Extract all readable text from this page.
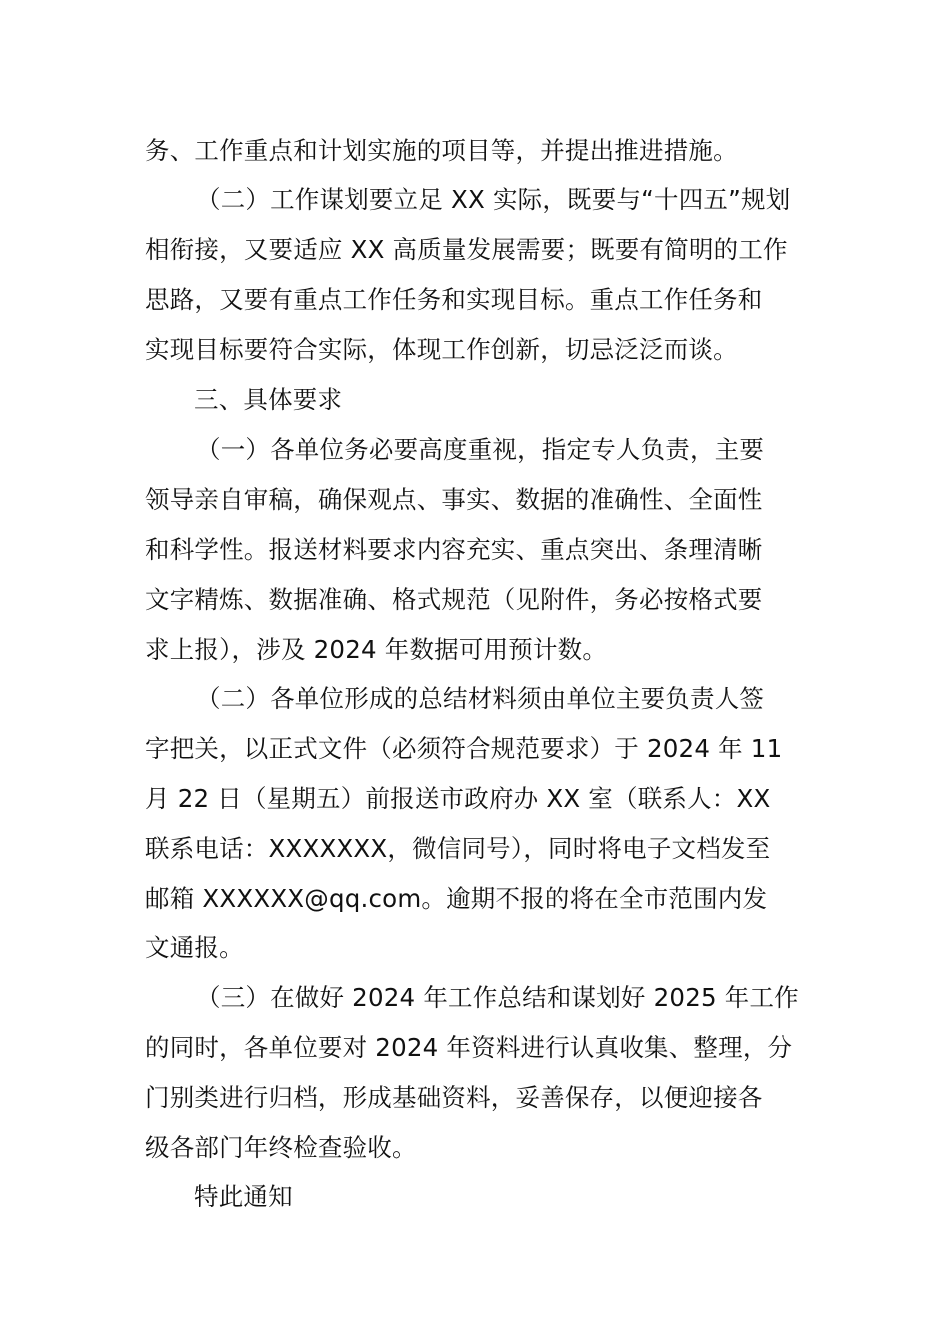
务、工作重点和计划实施的项目等，并提出推进措施。
（二）工作谋划要立足 XX 实际，既要与“十四五”规划
相衔接，又要适应 XX 高质量发展需要；既要有简明的工作
思路，又要有重点工作任务和实现目标。重点工作任务和
实现目标要符合实际，体现工作创新，切忌泛泛而谈。
三、具体要求
（一）各单位务必要高度重视，指定专人负责，主要
领导亲自审稿，确保观点、事实、数据的准确性、全面性
和科学性。报送材料要求内容充实、重点突出、条理清晰
文字精炼、数据准确、格式规范（见附件，务必按格式要
求上报），涉及 2024 年数据可用预计数。
（二）各单位形成的总结材料须由单位主要负责人签
字把关，以正式文件（必须符合规范要求）于 2024 年 11
月 22 日（星期五）前报送市政府办 XX 室（联系人：XX
联系电话：XXXXXXX，微信同号），同时将电子文档发至
邮箱 XXXXXX@qq.com。逾期不报的将在全市范围内发
文通报。
（三）在做好 2024 年工作总结和谋划好 2025 年工作
的同时，各单位要对 2024 年资料进行认真收集、整理，分
门别类进行归档，形成基础资料，妥善保存，以便迎接各
级各部门年终检查验收。
特此通知
